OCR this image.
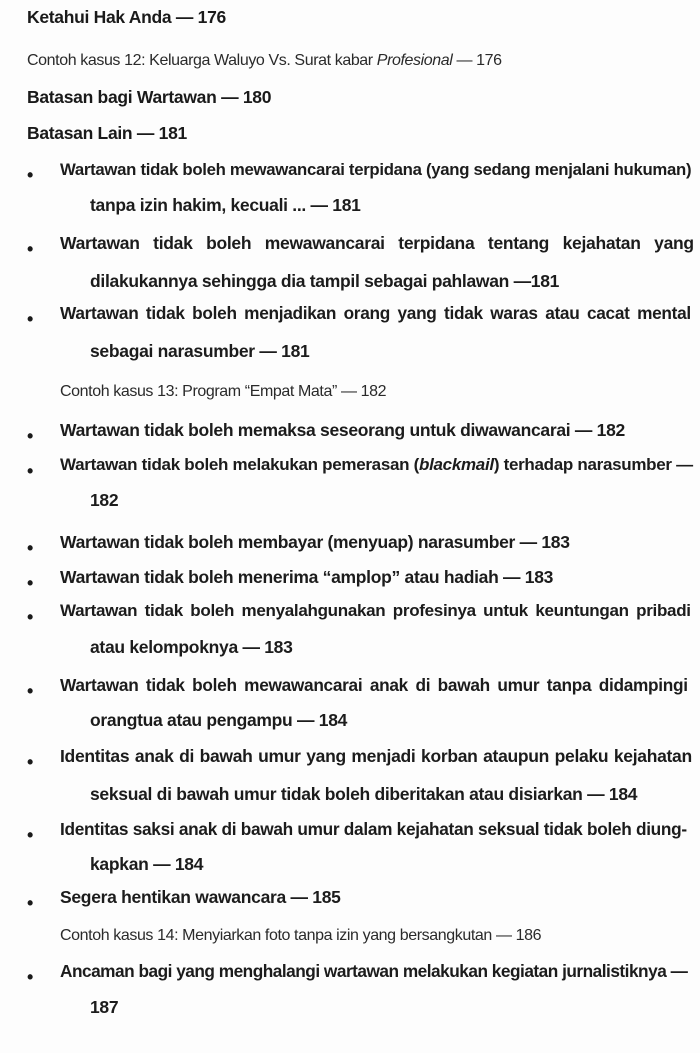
Ketahui Hak Anda — 176
Contoh kasus 12: Keluarga Waluyo Vs. Surat kabar Profesional — 176
Batasan bagi Wartawan — 180
Batasan Lain — 181
• Wartawan tidak boleh mewawancarai terpidana (yang sedang menjalani hukuman)
tanpa izin hakim, kecuali ... — 181
• Wartawan tidak boleh mewawancarai terpidana tentang kejahatan yang
dilakukannya sehingga dia tampil sebagai pahlawan —181
• Wartawan tidak boleh menjadikan orang yang tidak waras atau cacat mental
sebagai narasumber — 181
Contoh kasus 13: Program “Empat Mata” — 182
• Wartawan tidak boleh memaksa seseorang untuk diwawancarai — 182
• Wartawan tidak boleh melakukan pemerasan (blackmail) terhadap narasumber —
182
• Wartawan tidak boleh membayar (menyuap) narasumber — 183
• Wartawan tidak boleh menerima “amplop” atau hadiah — 183
• Wartawan tidak boleh menyalahgunakan profesinya untuk keuntungan pribadi
atau kelompoknya — 183
• Wartawan tidak boleh mewawancarai anak di bawah umur tanpa didampingi
orangtua atau pengampu — 184
• Identitas anak di bawah umur yang menjadi korban ataupun pelaku kejahatan
seksual di bawah umur tidak boleh diberitakan atau disiarkan — 184
• Identitas saksi anak di bawah umur dalam kejahatan seksual tidak boleh diung-
kapkan — 184
• Segera hentikan wawancara — 185
Contoh kasus 14: Menyiarkan foto tanpa izin yang bersangkutan — 186
• Ancaman bagi yang menghalangi wartawan melakukan kegiatan jurnalistiknya —
187
